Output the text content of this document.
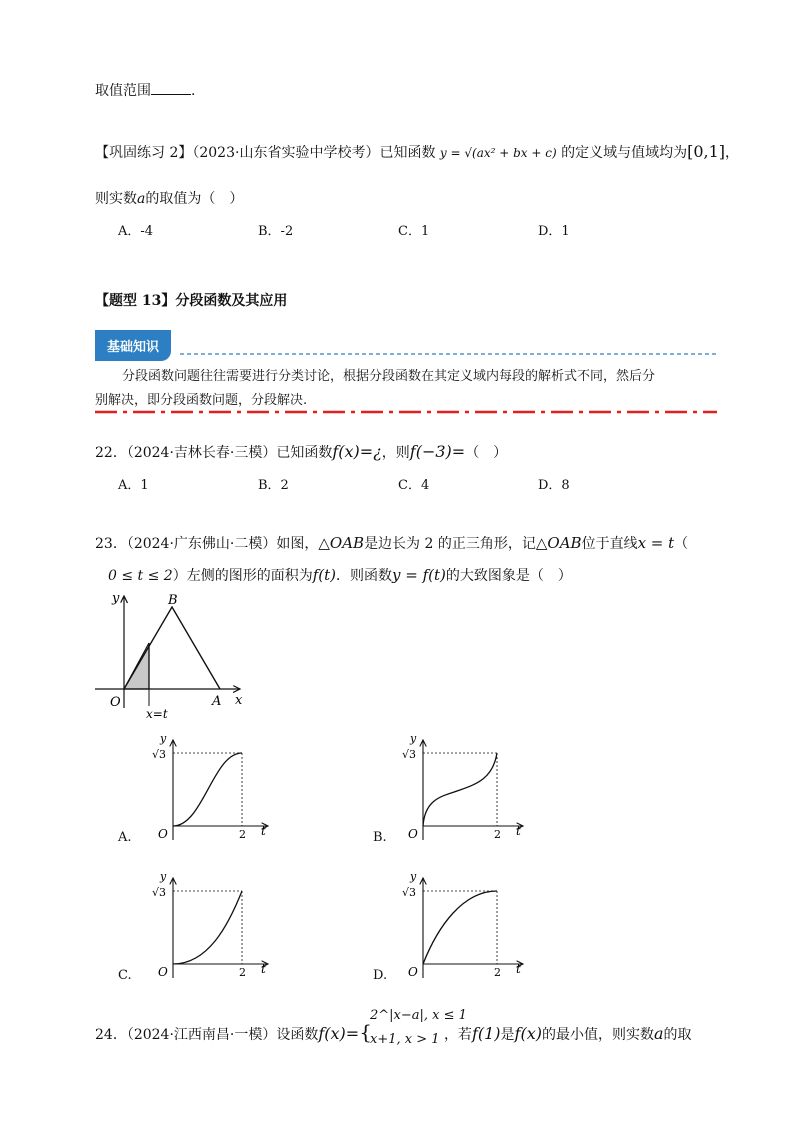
取值范围	.
【巩固练习 2】（2023·山东省实验中学校考）已知函数 y = √(ax² + bx + c) 的定义域与值域均为[0,1]，
则实数a的取值为（　）
A．-4	B．-2	C．1	D．1
【题型 13】分段函数及其应用
基础知识
分段函数问题往往需要进行分类讨论，根据分段函数在其定义域内每段的解析式不同，然后分
别解决，即分段函数问题，分段解决.
22．（2024·吉林长春·三模）已知函数f(x)=¿，则f(−3)=（　）
A．1	B．2	C．4	D．8
23．（2024·广东佛山·二模）如图，△OAB是边长为 2 的正三角形，记△OAB位于直线x = t（
0 ≤ t ≤ 2）左侧的图形的面积为f(t)．则函数y = f(t)的大致图象是（　）
y	B
O	A x
x=t
y
√3
O	2 t
A.
y
√3
O	2 t
B.
y
√3
O	2 t
C.
y
√3
O	2 t
D.
24．（2024·江西南昌·一模）设函数f(x)={	，若f(1)是f(x)的最小值，则实数a的取
2^|x−a|, x ≤ 1
x+1, x > 1
